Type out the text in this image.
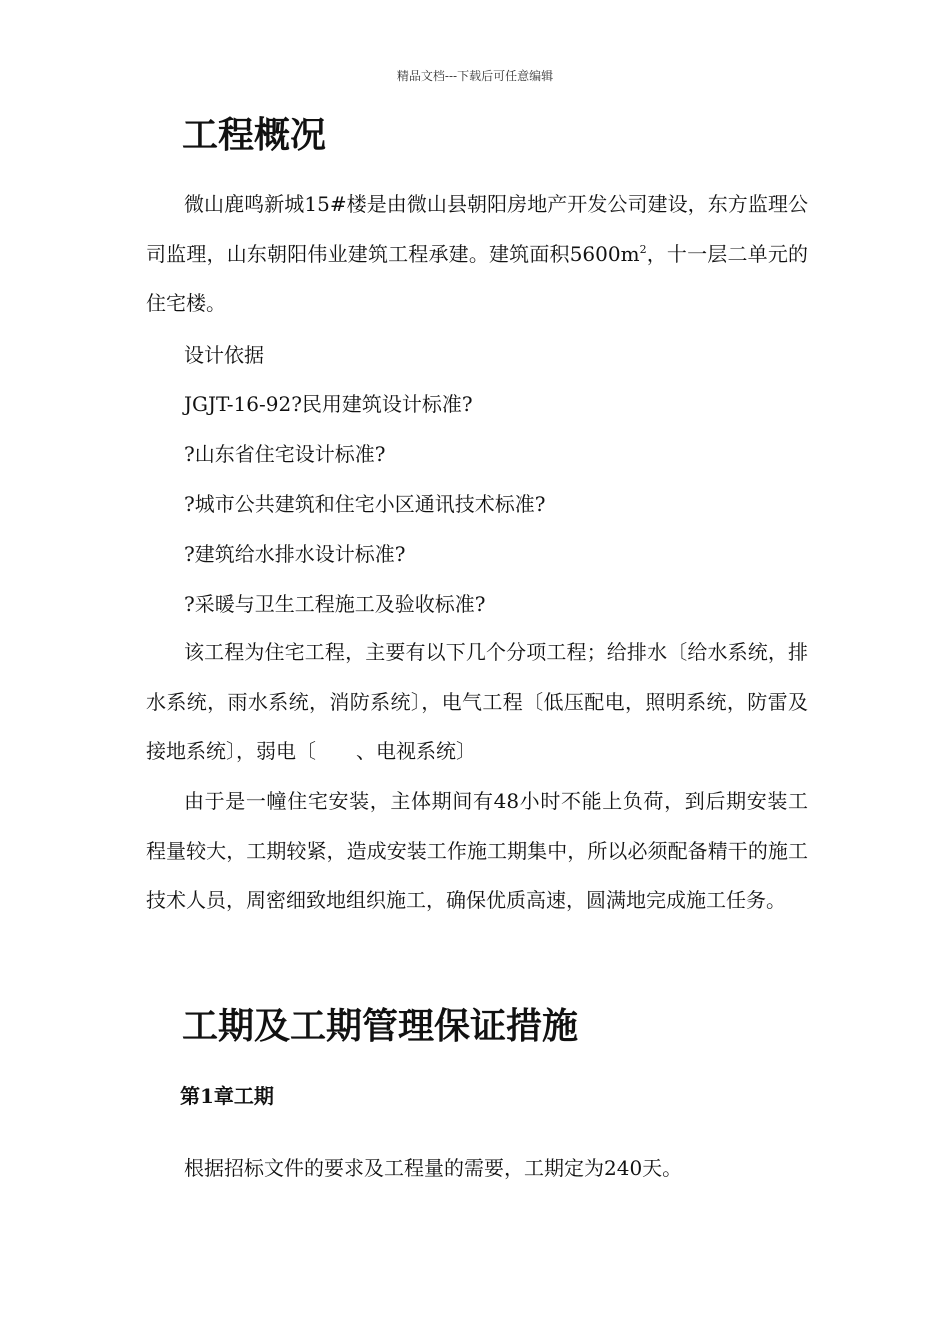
精品文档---下载后可任意编辑
工程概况

微山鹿鸣新城15#楼是由微山县朝阳房地产开发公司建设，东方监理公司监理，山东朝阳伟业建筑工程承建。建筑面积$5600m^2$，十一层二单元的住宅楼。

设计依据
JGJT-16-92?民用建筑设计标准?
?山东省住宅设计标准?
?城市公共建筑和住宅小区通讯技术标准?
?建筑给水排水设计标准?
?采暖与卫生工程施工及验收标准?

该工程为住宅工程，主要有以下几个分项工程；给排水〔给水系统，排水系统，雨水系统，消防系统〕，电气工程〔低压配电，照明系统，防雷及接地系统〕，弱电〔　　、电视系统〕

由于是一幢住宅安装，主体期间有48小时不能上负荷，到后期安装工程量较大，工期较紧，造成安装工作施工期集中，所以必须配备精干的施工技术人员，周密细致地组织施工，确保优质高速，圆满地完成施工任务。

工期及工期管理保证措施
第1章工期
根据招标文件的要求及工程量的需要，工期定为240天。
